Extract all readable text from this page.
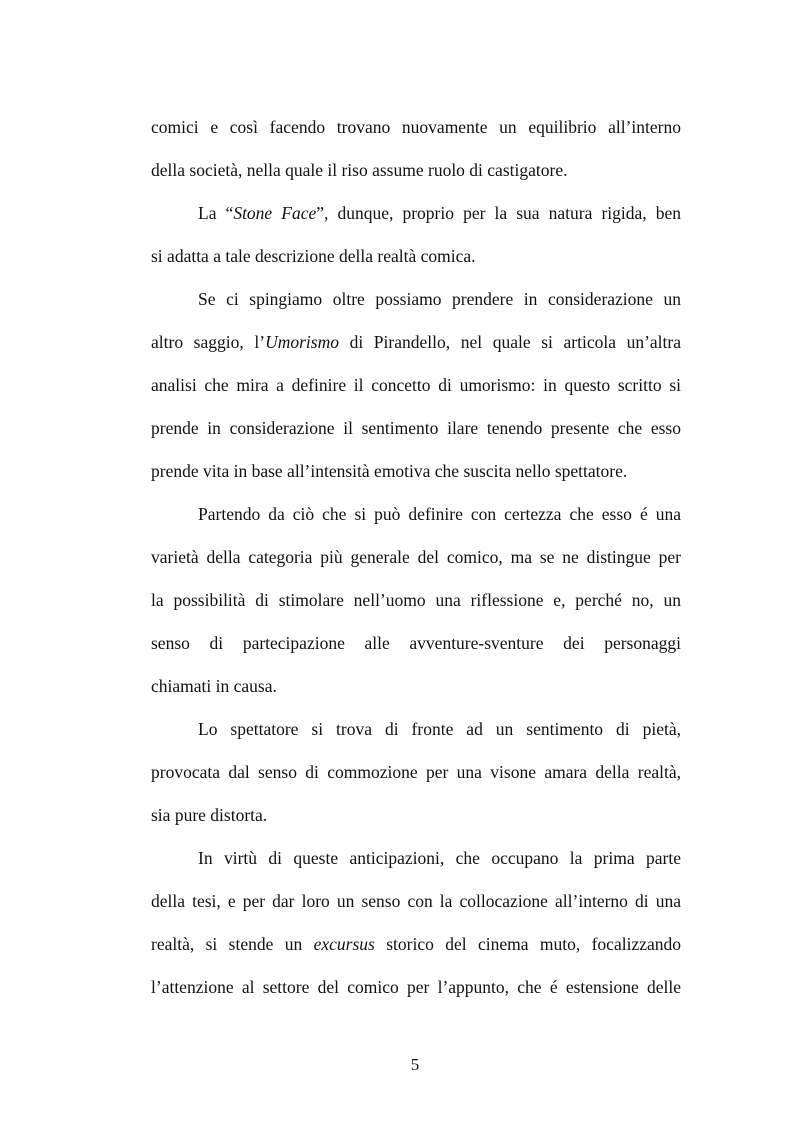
comici e così facendo trovano nuovamente un equilibrio all’interno
della società, nella quale il riso assume ruolo di castigatore.
La “Stone Face”, dunque, proprio per la sua natura rigida, ben
si adatta a tale descrizione della realtà comica.
Se ci spingiamo oltre possiamo prendere in considerazione un
altro saggio, l’Umorismo di Pirandello, nel quale si articola un’altra
analisi che mira a definire il concetto di umorismo: in questo scritto si
prende in considerazione il sentimento ilare tenendo presente che esso
prende vita in base all’intensità emotiva che suscita nello spettatore.
Partendo da ciò che si può definire con certezza che esso é una
varietà della categoria più generale del comico, ma se ne distingue per
la possibilità di stimolare nell’uomo una riflessione e, perché no, un
senso di partecipazione alle avventure-sventure dei personaggi
chiamati in causa.
Lo spettatore si trova di fronte ad un sentimento di pietà,
provocata dal senso di commozione per una visone amara della realtà,
sia pure distorta.
In virtù di queste anticipazioni, che occupano la prima parte
della tesi, e per dar loro un senso con la collocazione all’interno di una
realtà, si stende un excursus storico del cinema muto, focalizzando
l’attenzione al settore del comico per l’appunto, che é estensione delle
5
